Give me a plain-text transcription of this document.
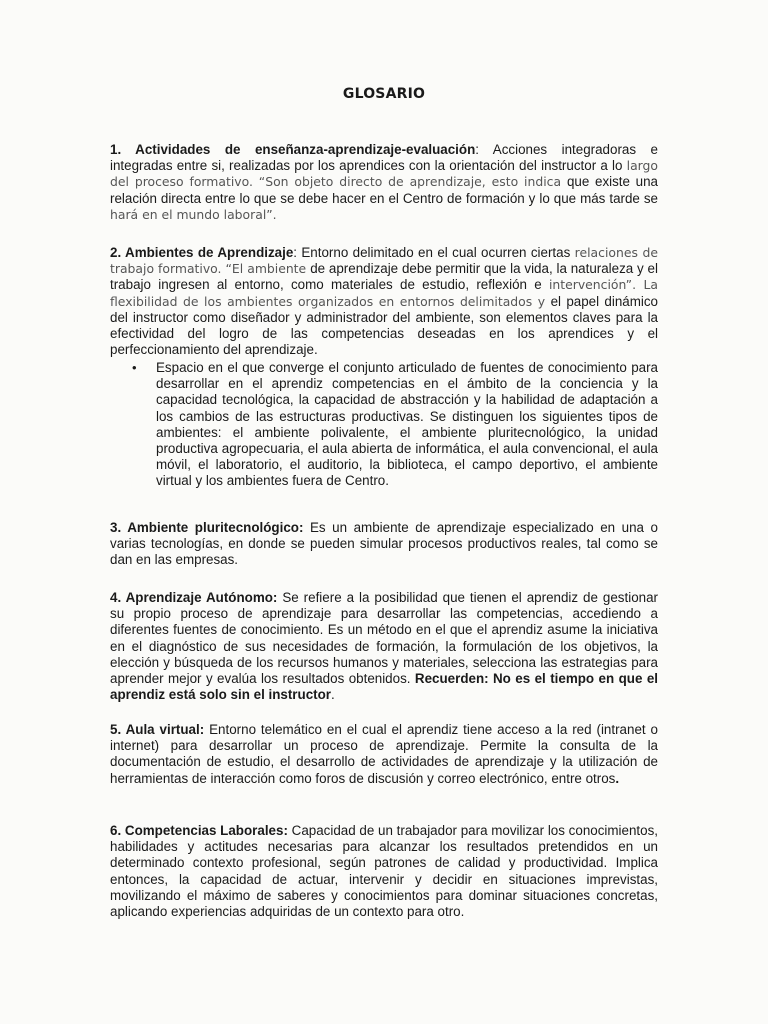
GLOSARIO

1. Actividades de enseñanza-aprendizaje-evaluación: Acciones integradoras e integradas entre si, realizadas por los aprendices con la orientación del instructor a lo largo del proceso formativo. “Son objeto directo de aprendizaje, esto indica que existe una relación directa entre lo que se debe hacer en el Centro de formación y lo que más tarde se hará en el mundo laboral”.

2. Ambientes de Aprendizaje: Entorno delimitado en el cual ocurren ciertas relaciones de trabajo formativo. “El ambiente de aprendizaje debe permitir que la vida, la naturaleza y el trabajo ingresen al entorno, como materiales de estudio, reflexión e intervención”. La flexibilidad de los ambientes organizados en entornos delimitados y el papel dinámico del instructor como diseñador y administrador del ambiente, son elementos claves para la efectividad del logro de las competencias deseadas en los aprendices y el perfeccionamiento del aprendizaje.

• Espacio en el que converge el conjunto articulado de fuentes de conocimiento para desarrollar en el aprendiz competencias en el ámbito de la conciencia y la capacidad tecnológica, la capacidad de abstracción y la habilidad de adaptación a los cambios de las estructuras productivas. Se distinguen los siguientes tipos de ambientes: el ambiente polivalente, el ambiente pluritecnológico, la unidad productiva agropecuaria, el aula abierta de informática, el aula convencional, el aula móvil, el laboratorio, el auditorio, la biblioteca, el campo deportivo, el ambiente virtual y los ambientes fuera de Centro.

3. Ambiente pluritecnológico: Es un ambiente de aprendizaje especializado en una o varias tecnologías, en donde se pueden simular procesos productivos reales, tal como se dan en las empresas.

4. Aprendizaje Autónomo: Se refiere a la posibilidad que tienen el aprendiz de gestionar su propio proceso de aprendizaje para desarrollar las competencias, accediendo a diferentes fuentes de conocimiento. Es un método en el que el aprendiz asume la iniciativa en el diagnóstico de sus necesidades de formación, la formulación de los objetivos, la elección y búsqueda de los recursos humanos y materiales, selecciona las estrategias para aprender mejor y evalúa los resultados obtenidos. Recuerden: No es el tiempo en que el aprendiz está solo sin el instructor.

5. Aula virtual: Entorno telemático en el cual el aprendiz tiene acceso a la red (intranet o internet) para desarrollar un proceso de aprendizaje. Permite la consulta de la documentación de estudio, el desarrollo de actividades de aprendizaje y la utilización de herramientas de interacción como foros de discusión y correo electrónico, entre otros.

6. Competencias Laborales: Capacidad de un trabajador para movilizar los conocimientos, habilidades y actitudes necesarias para alcanzar los resultados pretendidos en un determinado contexto profesional, según patrones de calidad y productividad. Implica entonces, la capacidad de actuar, intervenir y decidir en situaciones imprevistas, movilizando el máximo de saberes y conocimientos para dominar situaciones concretas, aplicando experiencias adquiridas de un contexto para otro.
